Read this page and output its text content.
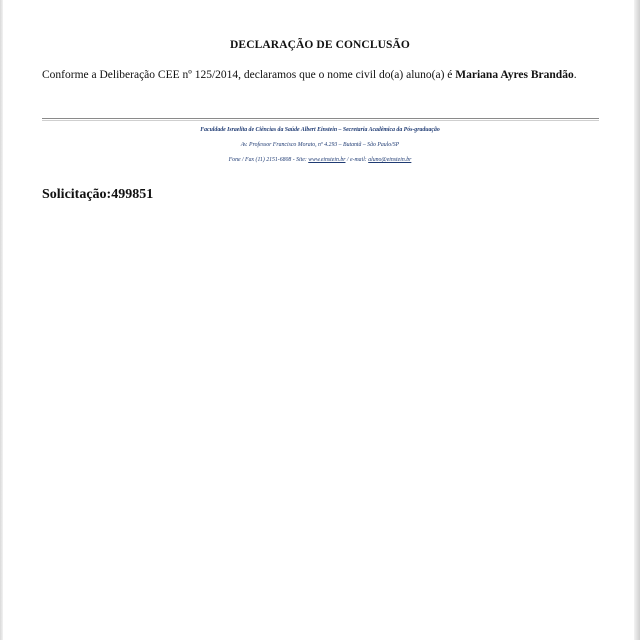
DECLARAÇÃO DE CONCLUSÃO
Conforme a Deliberação CEE nº 125/2014, declaramos que o nome civil do(a) aluno(a) é Mariana Ayres Brandão.
Faculdade Israelita de Ciências da Saúde Albert Einstein – Secretaria Acadêmica da Pós-graduação
Av. Professor Francisco Morato, nº 4.293 – Butantã – São Paulo/SP
Fone / Fax (11) 2151-6808 - Site: www.einstein.br / e-mail: aluno@einstein.br
Solicitação:499851
